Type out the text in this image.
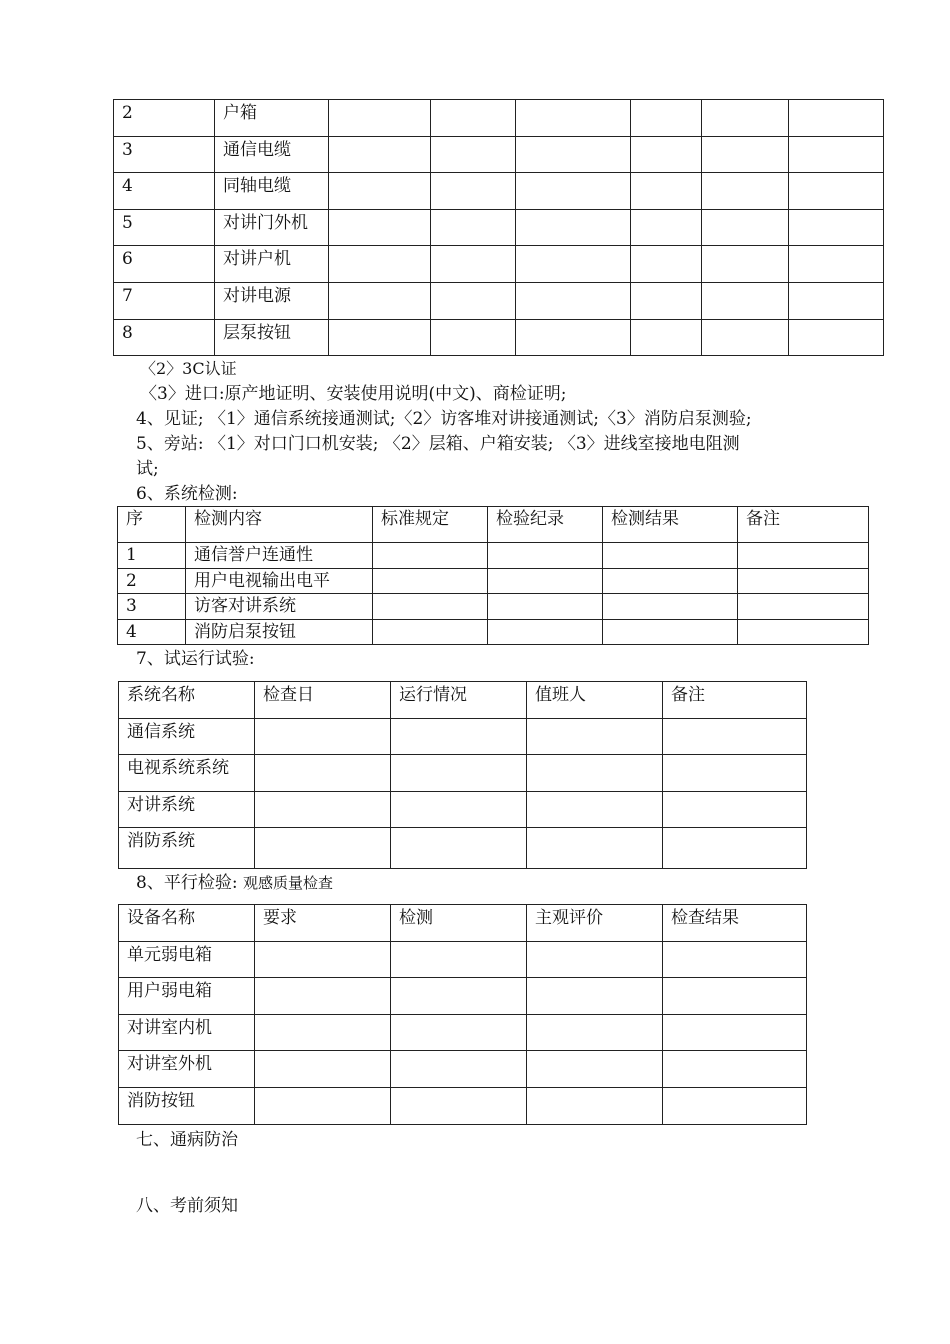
2	户箱						
3	通信电缆						
4	同轴电缆						
5	对讲门外机						
6	对讲户机						
7	对讲电源						
8	层泵按钮						
〈2〉3C认证
〈3〉进口:原产地证明、安装使用说明(中文)、商检证明;
4、见证; 〈1〉通信系统接通测试;〈2〉访客堆对讲接通测试;〈3〉消防启泵测验;
5、旁站: 〈1〉对口门口机安装; 〈2〉层箱、户箱安装; 〈3〉进线室接地电阻测
试;
6、系统检测:
序	检测内容	标准规定	检验纪录	检测结果	备注
1	通信誉户连通性				
2	用户电视输出电平				
3	访客对讲系统				
4	消防启泵按钮				
7、试运行试验:
系统名称	检查日	运行情况	值班人	备注
通信系统				
电视系统系统				
对讲系统				
消防系统				
8、平行检验: 观感质量检查
设备名称	要求	检测	主观评价	检查结果
单元弱电箱				
用户弱电箱				
对讲室内机				
对讲室外机				
消防按钮				
七、通病防治
八、考前须知
